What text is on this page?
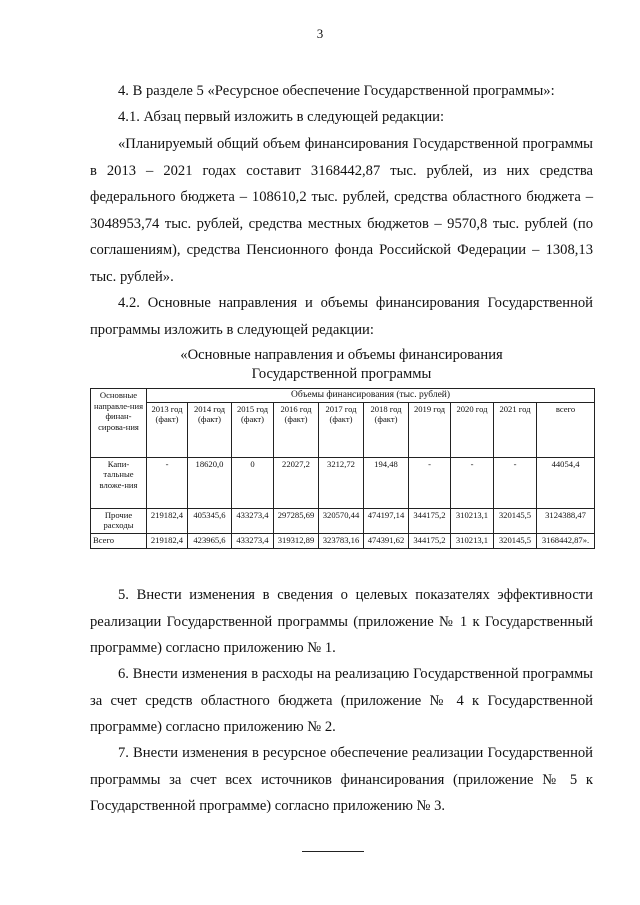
3

4. В разделе 5 «Ресурсное обеспечение Государственной программы»:

4.1. Абзац первый изложить в следующей редакции:

«Планируемый общий объем финансирования Государственной программы в 2013 – 2021 годах составит 3168442,87 тыс. рублей, из них средства федерального бюджета – 108610,2 тыс. рублей, средства областного бюджета – 3048953,74 тыс. рублей, средства местных бюджетов – 9570,8 тыс. рублей (по соглашениям), средства Пенсионного фонда Российской Федерации – 1308,13 тыс. рублей».

4.2. Основные направления и объемы финансирования Государственной программы изложить в следующей редакции:

«Основные направления и объемы финансирования
Государственной программы
Основные направле-ния финан-сирова-ния	Объемы финансирования (тыс. рублей)									
	2013 год (факт)	2014 год (факт)	2015 год (факт)	2016 год (факт)	2017 год (факт)	2018 год (факт)	2019 год	2020 год	2021 год	всего
Капи-тальные вложе-ния	-	18620,0	0	22027,2	3212,72	194,48	-	-	-	44054,4
Прочие расходы	219182,4	405345,6	433273,4	297285,69	320570,44	474197,14	344175,2	310213,1	320145,5	3124388,47
Всего	219182,4	423965,6	433273,4	319312,89	323783,16	474391,62	344175,2	310213,1	320145,5	3168442,87».

5. Внести изменения в сведения о целевых показателях эффективности реализации Государственной программы (приложение № 1 к Государственный программе) согласно приложению № 1.

6. Внести изменения в расходы на реализацию Государственной программы за счет средств областного бюджета (приложение № 4 к Государственной программе) согласно приложению № 2.

7. Внести изменения в ресурсное обеспечение реализации Государственной программы за счет всех источников финансирования (приложение № 5 к Государственной программе) согласно приложению № 3.
